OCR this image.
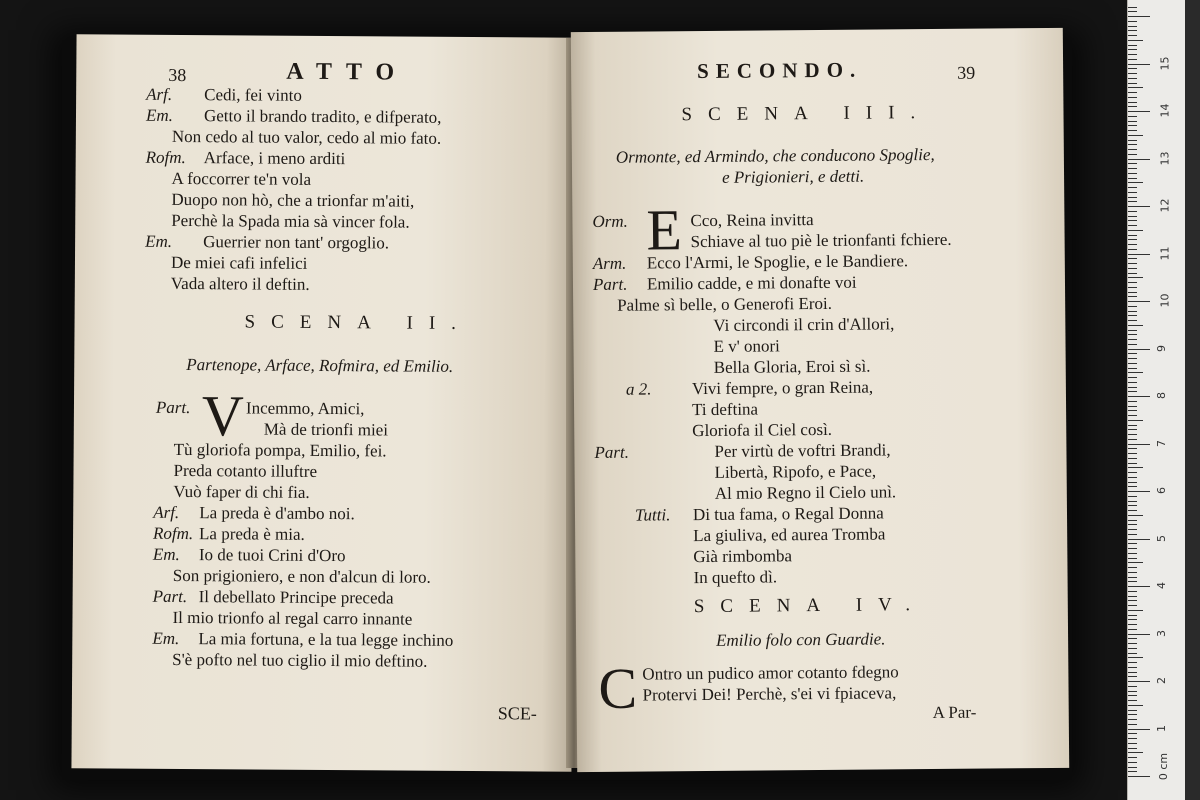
38	ATTO
Arf. Cedi, fei vinto
Em. Getto il brando tradito, e difperato,
Non cedo al tuo valor, cedo al mio fato.
Rofm. Arface, i meno arditi
A foccorrer te'n vola
Duopo non hò, che a trionfar m'aiti,
Perchè la Spada mia sà vincer fola.
Em. Guerrier non tant' orgoglio.
De miei cafi infelici
Vada altero il deftin.
SCENA II.
Partenope, Arface, Rofmira, ed Emilio.
Part. V Incemmo, Amici,
Mà de trionfi miei
Tù gloriofa pompa, Emilio, fei.
Preda cotanto illuftre
Vuò faper di chi fia.
Arf. La preda è d'ambo noi.
Rofm. La preda è mia.
Em. Io de tuoi Crini d'Oro
Son prigioniero, e non d'alcun di loro.
Part. Il debellato Principe preceda
Il mio trionfo al regal carro innante
Em. La mia fortuna, e la tua legge inchino
S'è pofto nel tuo ciglio il mio deftino.
SCE-
SECONDO.	39
SCENA III.
Ormonte, ed Armindo, che conducono Spoglie,
e Prigionieri, e detti.
Orm. E Cco, Reina invitta
Schiave al tuo piè le trionfanti fchiere.
Arm. Ecco l'Armi, le Spoglie, e le Bandiere.
Part. Emilio cadde, e mi donafte voi
Palme sì belle, o Generofi Eroi.
Vi circondi il crin d'Allori,
E v' onori
Bella Gloria, Eroi sì sì.
a 2. Vivi fempre, o gran Reina,
Ti deftina
Gloriofa il Ciel così.
Part.	Per virtù de voftri Brandi,
Libertà, Ripofo, e Pace,
Al mio Regno il Cielo unì.
Tutti. Di tua fama, o Regal Donna
La giuliva, ed aurea Tromba
Già rimbomba
In quefto dì.
SCENA IV.
Emilio folo con Guardie.
C Ontro un pudico amor cotanto fdegno
Protervi Dei! Perchè, s'ei vi fpiaceva,
A Par-
0 cm
15
14
13
12
11
10
9
8
7
6
5
4
3
2
1
